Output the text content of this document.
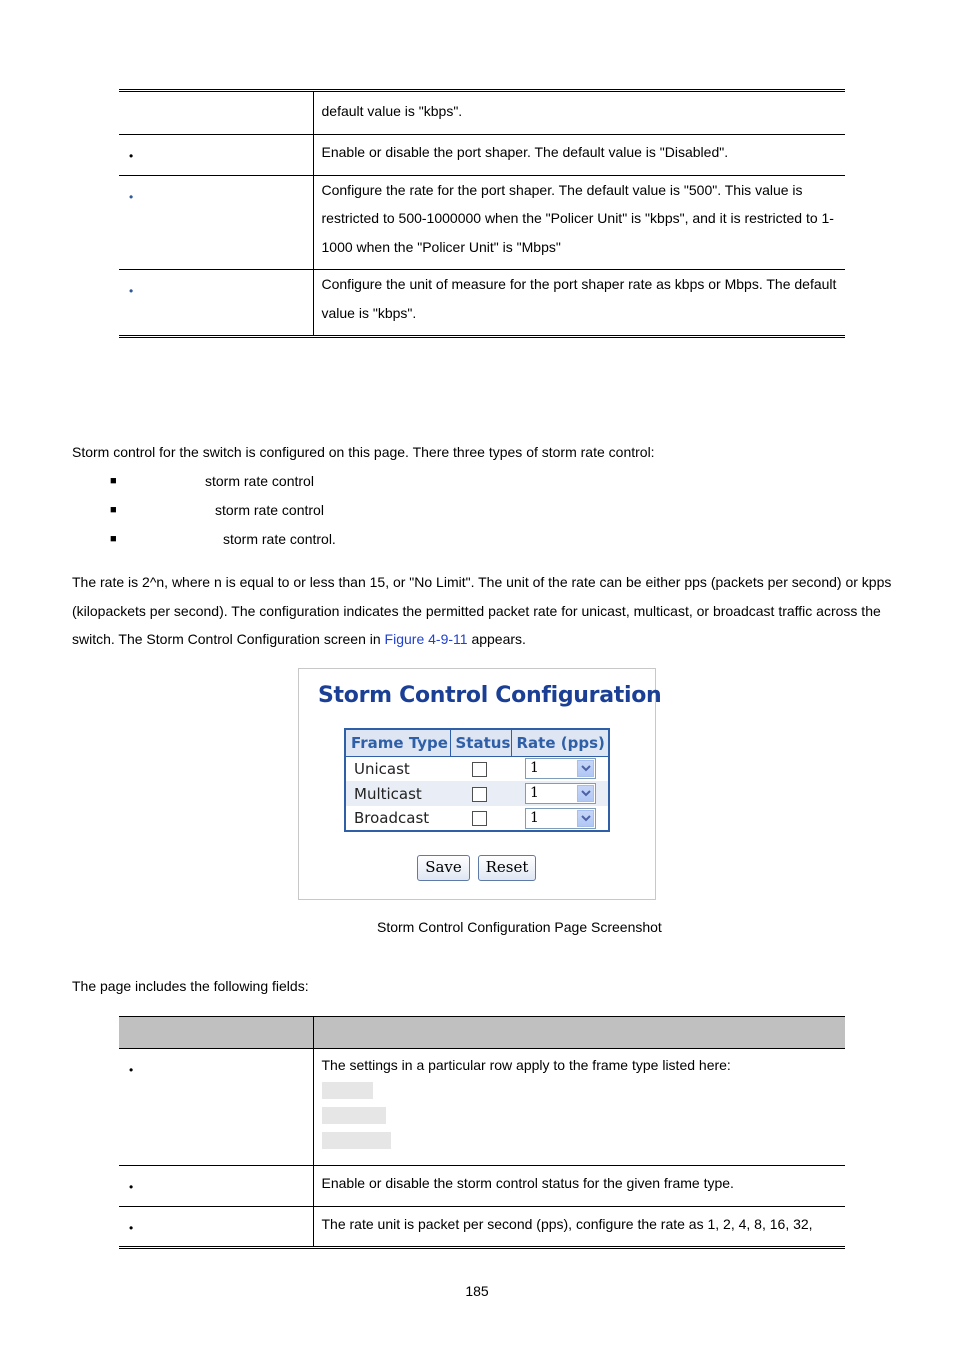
	default value is "kbps".
•	Enable or disable the port shaper. The default value is "Disabled".
•	Configure the rate for the port shaper. The default value is "500". This value is restricted to 500-1000000 when the "Policer Unit" is "kbps", and it is restricted to 1-1000 when the "Policer Unit" is "Mbps"
•	Configure the unit of measure for the port shaper rate as kbps or Mbps. The default value is "kbps".
Storm control for the switch is configured on this page. There three types of storm rate control:
■	storm rate control
■	storm rate control
■	storm rate control.
The rate is 2^n, where n is equal to or less than 15, or "No Limit". The unit of the rate can be either pps (packets per second) or kpps (kilopackets per second). The configuration indicates the permitted packet rate for unicast, multicast, or broadcast traffic across the switch. The Storm Control Configuration screen in Figure 4-9-11 appears.
Storm Control Configuration
Frame Type	Status	Rate (pps)
Unicast		1

Multicast		1

Broadcast		1
Save	Reset
Storm Control Configuration Page Screenshot
The page includes the following fields:

•	The settings in a particular row apply to the frame type listed here:

•	Enable or disable the storm control status for the given frame type.
•	The rate unit is packet per second (pps), configure the rate as 1, 2, 4, 8, 16, 32,
185
